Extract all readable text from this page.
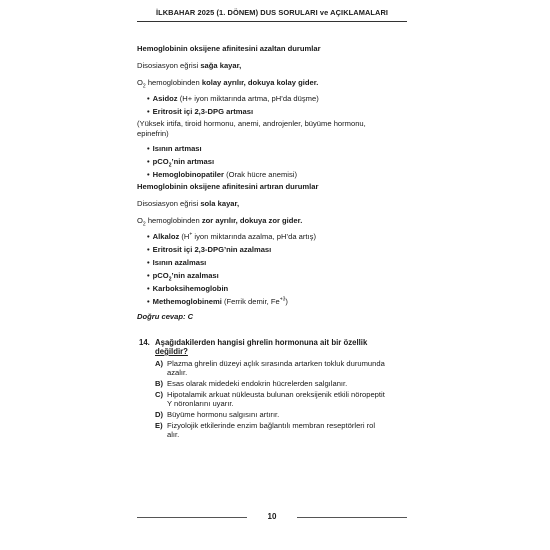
İLKBAHAR 2025 (1. DÖNEM) DUS SORULARI ve AÇIKLAMALARI
Hemoglobinin oksijene afinitesini azaltan durumlar
Disosiasyon eğrisi sağa kayar,
$O_2$ hemoglobinden kolay ayrılır, dokuya kolay gider.
• Asidoz (H+ iyon miktarında artma, pH’da düşme)
• Eritrosit içi 2,3-DPG artması
(Yüksek irtifa, tiroid hormonu, anemi, androjenler, büyüme hormonu,
epinefrin)
• Isının artması
• pCO$_2$’nin artması
• Hemoglobinopatiler (Orak hücre anemisi)
Hemoglobinin oksijene afinitesini artıran durumlar
Disosiasyon eğrisi sola kayar,
$O_2$ hemoglobinden zor ayrılır, dokuya zor gider.
• Alkaloz (H+ iyon miktarında azalma, pH’da artış)
• Eritrosit içi 2,3-DPG’nin azalması
• Isının azalması
• pCO$_2$’nin azalması
• Karboksihemoglobin
• Methemoglobinemi (Ferrik demir, $Fe^{+3}$)
Doğru cevap: C
14. Aşağıdakilerden hangisi ghrelin hormonuna ait bir özellik
değildir?
A) Plazma ghrelin düzeyi açlık sırasında artarken tokluk durumunda
azalır.
B) Esas olarak midedeki endokrin hücrelerden salgılanır.
C) Hipotalamik arkuat nükleusta bulunan oreksijenik etkili nöropeptit
Y nöronlarını uyarır.
D) Büyüme hormonu salgısını artırır.
E) Fizyolojik etkilerinde enzim bağlantılı membran reseptörleri rol
alır.
10
